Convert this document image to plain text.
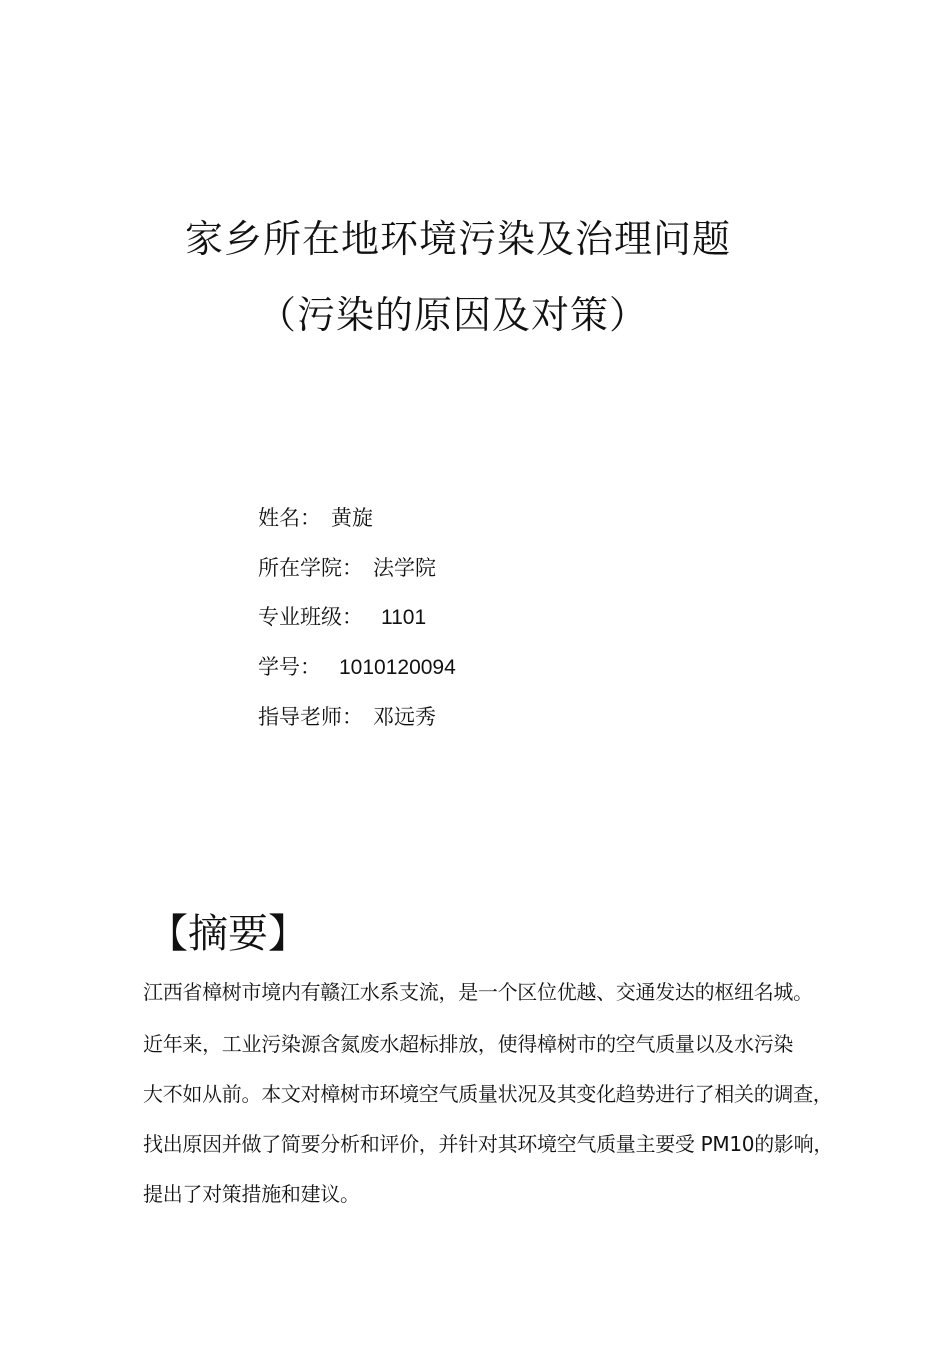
家乡所在地环境污染及治理问题
（污染的原因及对策）
姓名： 黄旋
所在学院： 法学院
专业班级： 1101
学号： 1010120094
指导老师： 邓远秀
【摘要】
江西省樟树市境内有赣江水系支流，是一个区位优越、交通发达的枢纽名城。
近年来，工业污染源含氮废水超标排放，使得樟树市的空气质量以及水污染
大不如从前。本文对樟树市环境空气质量状况及其变化趋势进行了相关的调查，
找出原因并做了简要分析和评价，并针对其环境空气质量主要受 PM10的影响，
提出了对策措施和建议。
